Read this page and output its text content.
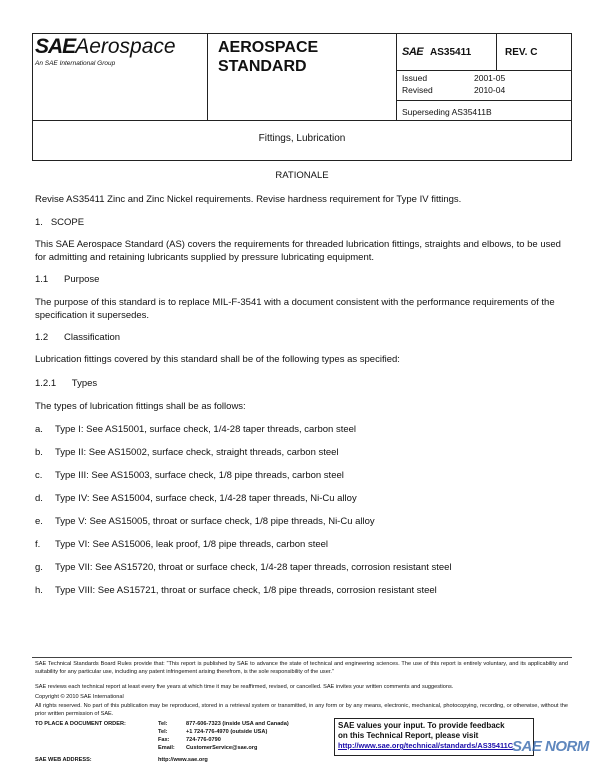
SAEAerospace
An SAE International Group
AEROSPACE
STANDARD
SAE AS35411	REV. C
Issued	2001-05
Revised	2010-04
Superseding AS35411B
Fittings, Lubrication
RATIONALE
Revise AS35411 Zinc and Zinc Nickel requirements. Revise hardness requirement for Type IV fittings.
1.   SCOPE
This SAE Aerospace Standard (AS) covers the requirements for threaded lubrication fittings, straights and elbows, to be used for admitting and retaining lubricants supplied by pressure lubricating equipment.
1.1      Purpose
The purpose of this standard is to replace MIL-F-3541 with a document consistent with the performance requirements of the specification it supersedes.
1.2      Classification
Lubrication fittings covered by this standard shall be of the following types as specified:
1.2.1      Types
The types of lubrication fittings shall be as follows:
a. Type I: See AS15001, surface check, 1/4-28 taper threads, carbon steel
b. Type II: See AS15002, surface check, straight threads, carbon steel
c. Type III: See AS15003, surface check, 1/8 pipe threads, carbon steel
d. Type IV: See AS15004, surface check, 1/4-28 taper threads, Ni-Cu alloy
e. Type V: See AS15005, throat or surface check, 1/8 pipe threads, Ni-Cu alloy
f. Type VI: See AS15006, leak proof, 1/8 pipe threads, carbon steel
g. Type VII: See AS15720, throat or surface check, 1/4-28 taper threads, corrosion resistant steel
h. Type VIII: See AS15721, throat or surface check, 1/8 pipe threads, corrosion resistant steel
SAE Technical Standards Board Rules provide that: “This report is published by SAE to advance the state of technical and engineering sciences. The use of this report is entirely voluntary, and its applicability and suitability for any particular use, including any patent infringement arising therefrom, is the sole responsibility of the user.”
SAE reviews each technical report at least every five years at which time it may be reaffirmed, revised, or cancelled. SAE invites your written comments and suggestions.
Copyright © 2010 SAE International
All rights reserved. No part of this publication may be reproduced, stored in a retrieval system or transmitted, in any form or by any means, electronic, mechanical, photocopying, recording, or otherwise, without the prior written permission of SAE.
TO PLACE A DOCUMENT ORDER:	Tel:	877-606-7323 (inside USA and Canada)
Tel:	+1 724-776-4970 (outside USA)
Fax:	724-776-0790
Email: CustomerService@sae.org
SAE WEB ADDRESS:	http://www.sae.org
SAE values your input. To provide feedback
on this Technical Report, please visit
http://www.sae.org/technical/standards/AS35411C
SAE NORM
